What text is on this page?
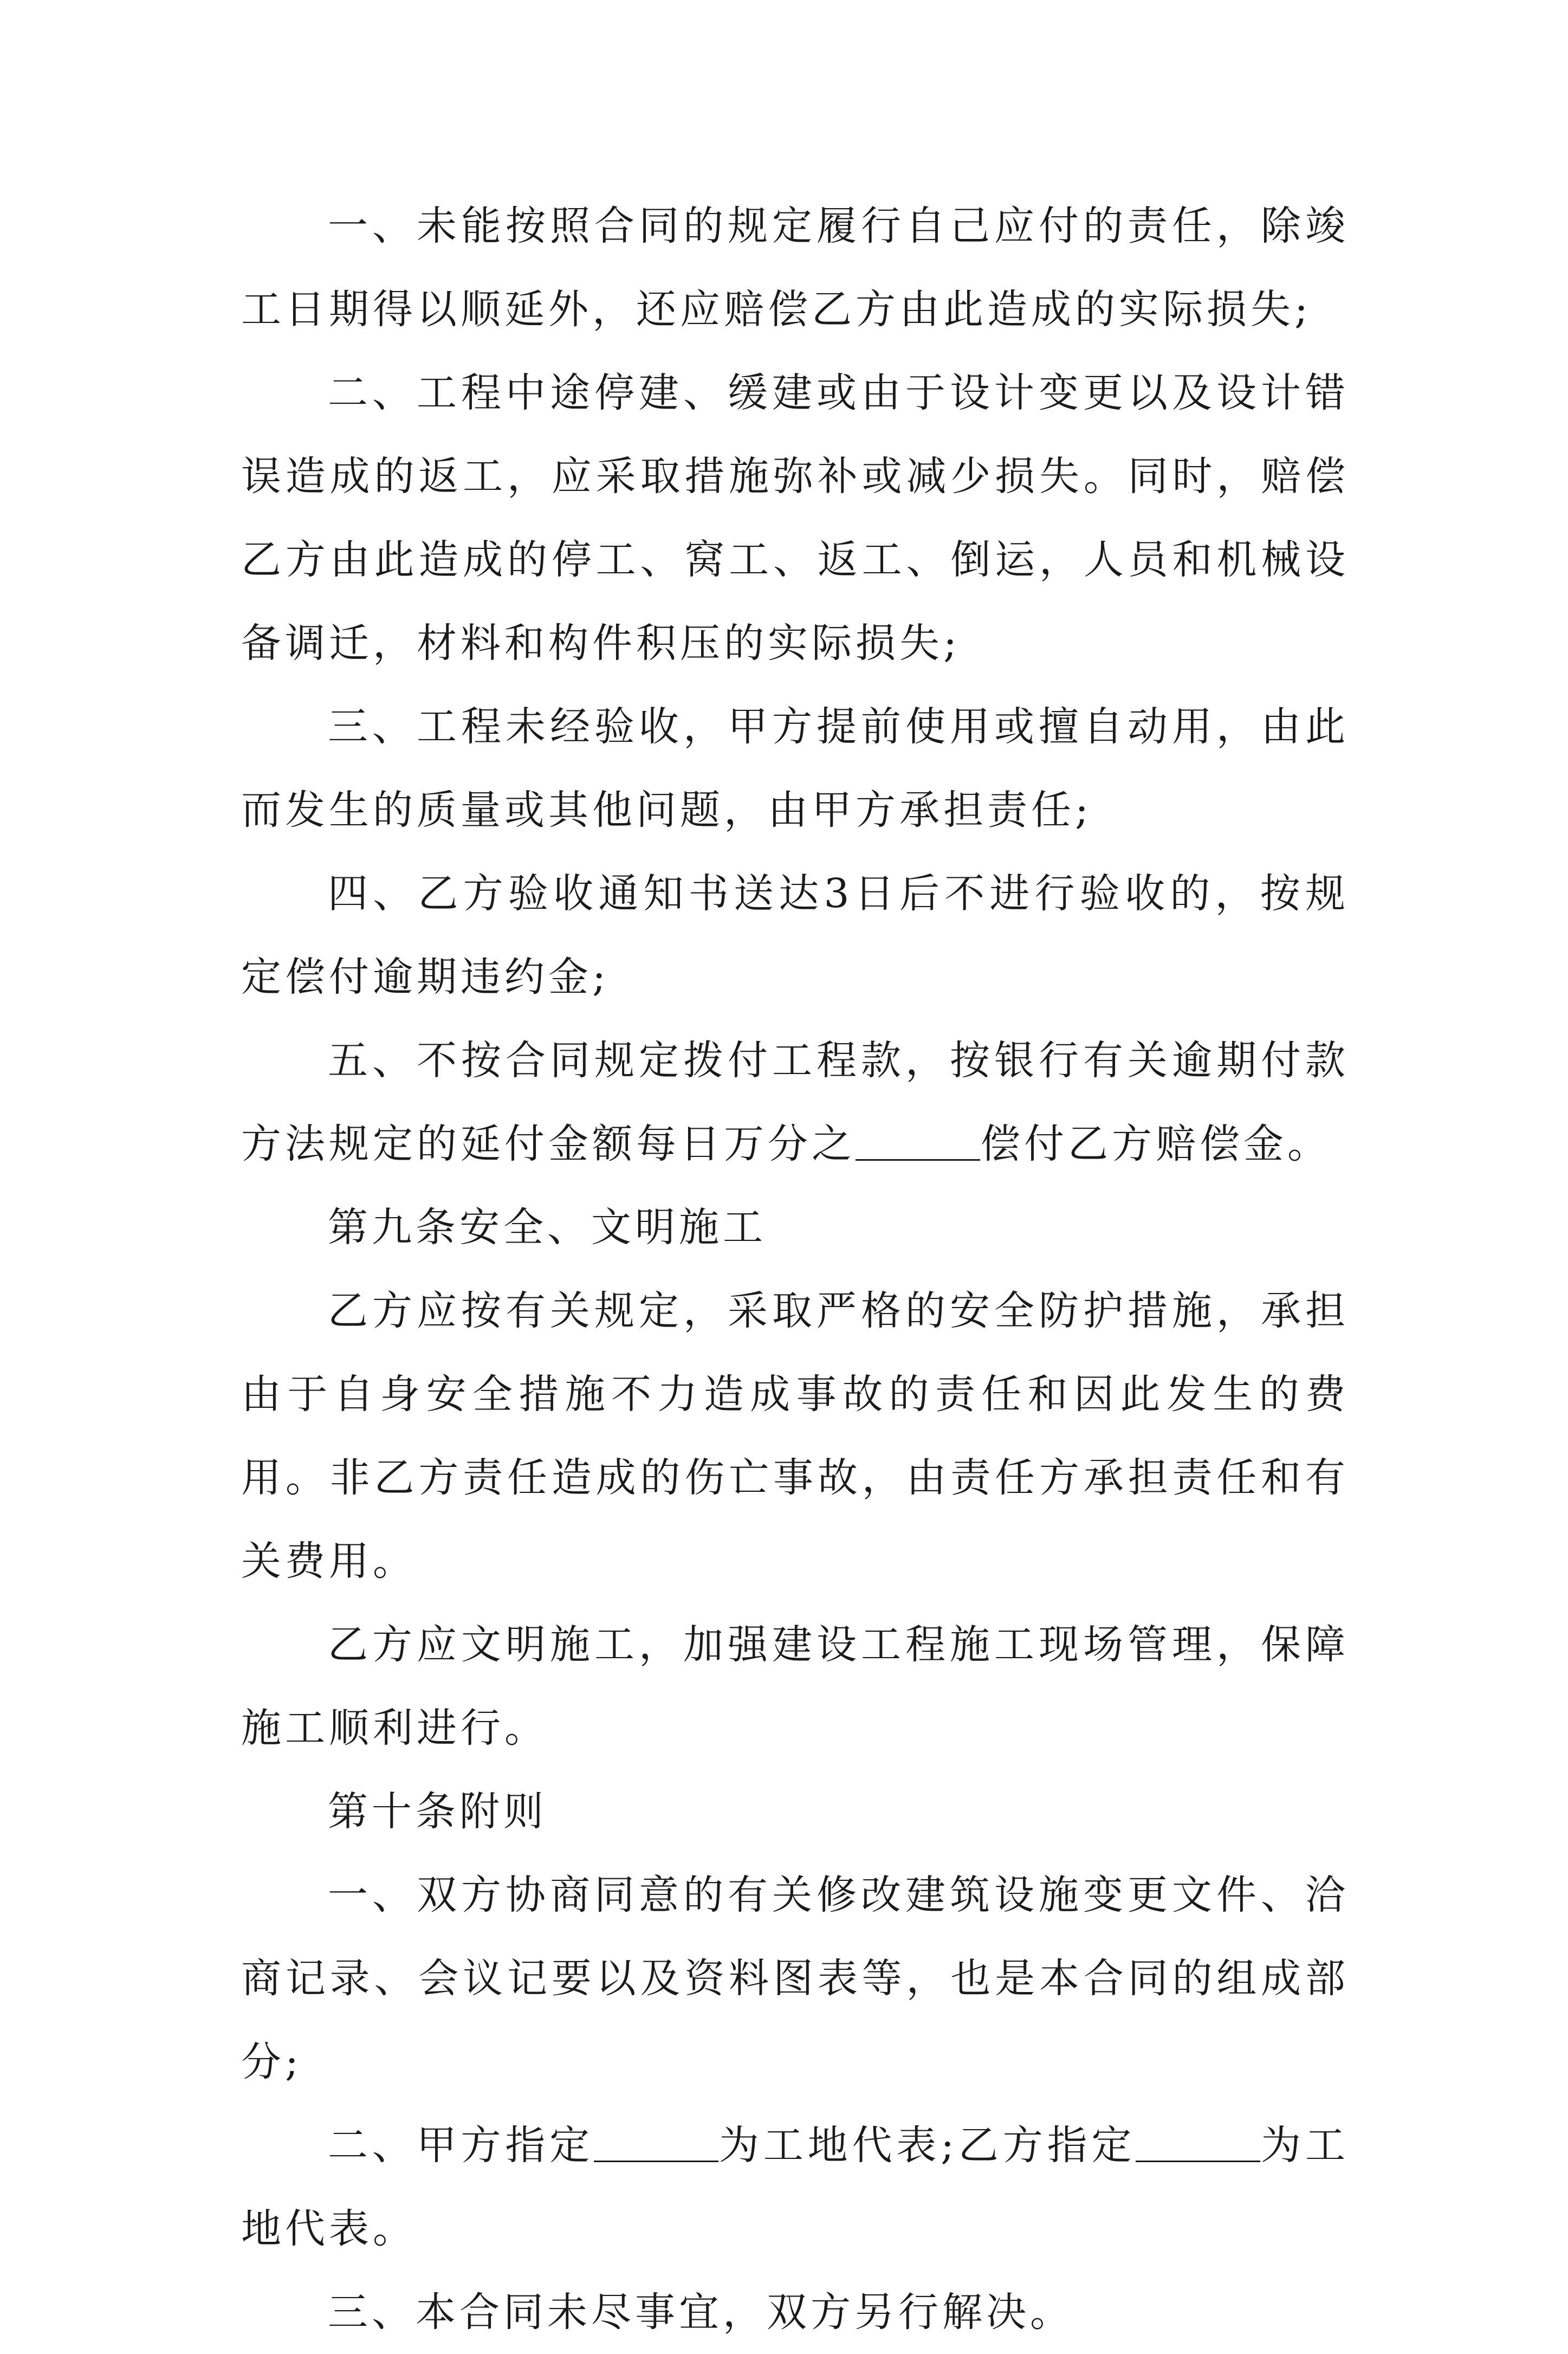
一、未能按照合同的规定履行自己应付的责任，除竣工日期得以顺延外，还应赔偿乙方由此造成的实际损失;

二、工程中途停建、缓建或由于设计变更以及设计错误造成的返工，应采取措施弥补或减少损失。同时，赔偿乙方由此造成的停工、窝工、返工、倒运，人员和机械设备调迁，材料和构件积压的实际损失;

三、工程未经验收，甲方提前使用或擅自动用，由此而发生的质量或其他问题，由甲方承担责任;

四、乙方验收通知书送达3日后不进行验收的，按规定偿付逾期违约金;

五、不按合同规定拨付工程款，按银行有关逾期付款方法规定的延付金额每日万分之	偿付乙方赔偿金。

第九条安全、文明施工

乙方应按有关规定，采取严格的安全防护措施，承担由于自身安全措施不力造成事故的责任和因此发生的费用。非乙方责任造成的伤亡事故，由责任方承担责任和有关费用。

乙方应文明施工，加强建设工程施工现场管理，保障施工顺利进行。

第十条附则

一、双方协商同意的有关修改建筑设施变更文件、洽商记录、会议记要以及资料图表等，也是本合同的组成部分;

二、甲方指定	为工地代表;乙方指定	为工地代表。

三、本合同未尽事宜，双方另行解决。
